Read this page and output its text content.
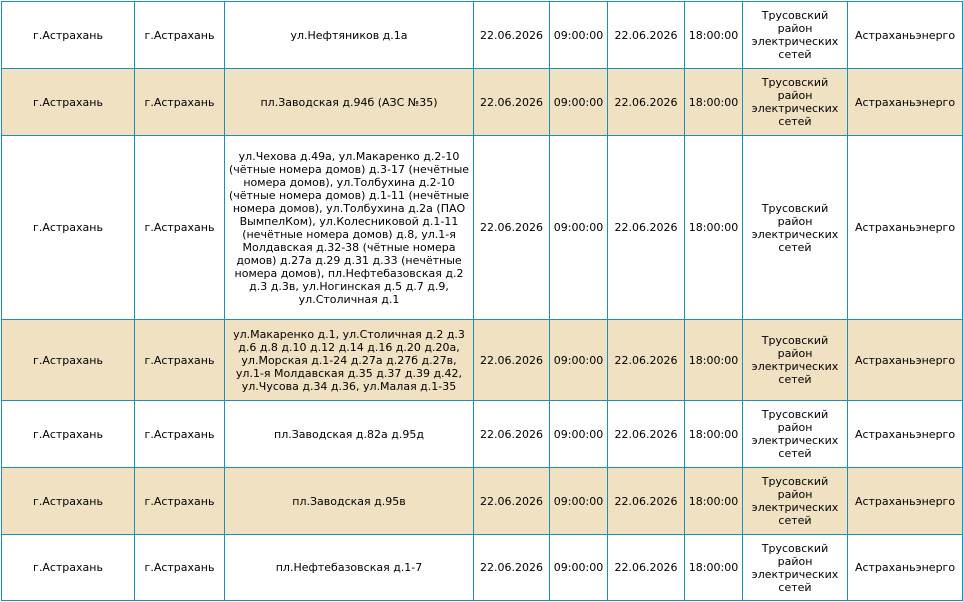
г.Астрахань	г.Астрахань	ул.Нефтяников д.1а	22.06.2026	09:00:00	22.06.2026	18:00:00	Трусовский район электрических сетей	Астраханьэнерго
г.Астрахань	г.Астрахань	пл.Заводская д.94б (АЗС №35)	22.06.2026	09:00:00	22.06.2026	18:00:00	Трусовский район электрических сетей	Астраханьэнерго
г.Астрахань	г.Астрахань	ул.Чехова д.49а, ул.Макаренко д.2-10 (чётные номера домов) д.3-17 (нечётные номера домов), ул.Толбухина д.2-10 (чётные номера домов) д.1-11 (нечётные номера домов), ул.Толбухина д.2а (ПАО ВымпелКом), ул.Колесниковой д.1-11 (нечётные номера домов) д.8, ул.1-я Молдавская д.32-38 (чётные номера домов) д.27а д.29 д.31 д.33 (нечётные номера домов), пл.Нефтебазовская д.2 д.3 д.3в, ул.Ногинская д.5 д.7 д.9, ул.Столичная д.1	22.06.2026	09:00:00	22.06.2026	18:00:00	Трусовский район электрических сетей	Астраханьэнерго
г.Астрахань	г.Астрахань	ул.Макаренко д.1, ул.Столичная д.2 д.3 д.6 д.8 д.10 д.12 д.14 д.16 д.20 д.20а, ул.Морская д.1-24 д.27а д.27б д.27в, ул.1-я Молдавская д.35 д.37 д.39 д.42, ул.Чусова д.34 д.36, ул.Малая д.1-35	22.06.2026	09:00:00	22.06.2026	18:00:00	Трусовский район электрических сетей	Астраханьэнерго
г.Астрахань	г.Астрахань	пл.Заводская д.82а д.95д	22.06.2026	09:00:00	22.06.2026	18:00:00	Трусовский район электрических сетей	Астраханьэнерго
г.Астрахань	г.Астрахань	пл.Заводская д.95в	22.06.2026	09:00:00	22.06.2026	18:00:00	Трусовский район электрических сетей	Астраханьэнерго
г.Астрахань	г.Астрахань	пл.Нефтебазовская д.1-7	22.06.2026	09:00:00	22.06.2026	18:00:00	Трусовский район электрических сетей	Астраханьэнерго
